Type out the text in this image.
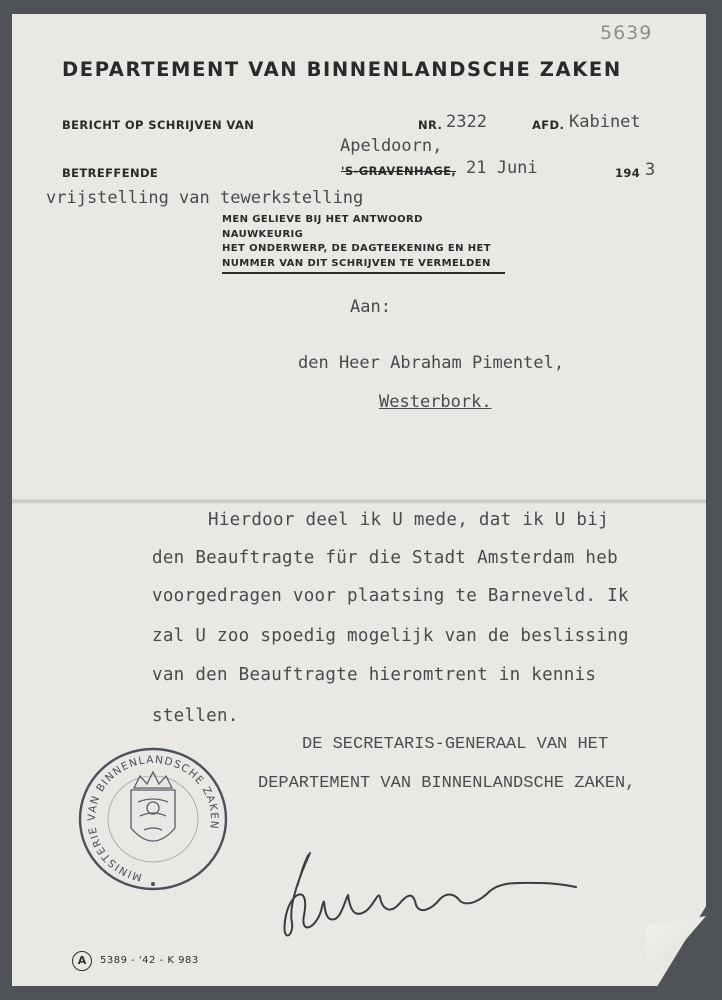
5639
DEPARTEMENT VAN BINNENLANDSCHE ZAKEN
BERICHT OP SCHRIJVEN VAN	NR. 2322	AFD. Kabinet
BETREFFENDE
Apeldoorn,
'S-GRAVENHAGE, 21 Juni	194 3
vrijstelling van tewerkstelling
MEN GELIEVE BIJ HET ANTWOORD NAUWKEURIG
HET ONDERWERP, DE DAGTEEKENING EN HET
NUMMER VAN DIT SCHRIJVEN TE VERMELDEN
Aan:
den Heer Abraham Pimentel,
Westerbork.
Hierdoor deel ik U mede, dat ik U bij
den Beauftragte für die Stadt Amsterdam heb
voorgedragen voor plaatsing te Barneveld. Ik
zal U zoo spoedig mogelijk van de beslissing
van den Beauftragte hieromtrent in kennis
stellen.
DE SECRETARIS-GENERAAL VAN HET
DEPARTEMENT VAN BINNENLANDSCHE ZAKEN,
MINISTERIE VAN BINNENLANDSCHE ZAKEN
A	5389 - '42 - K 983
